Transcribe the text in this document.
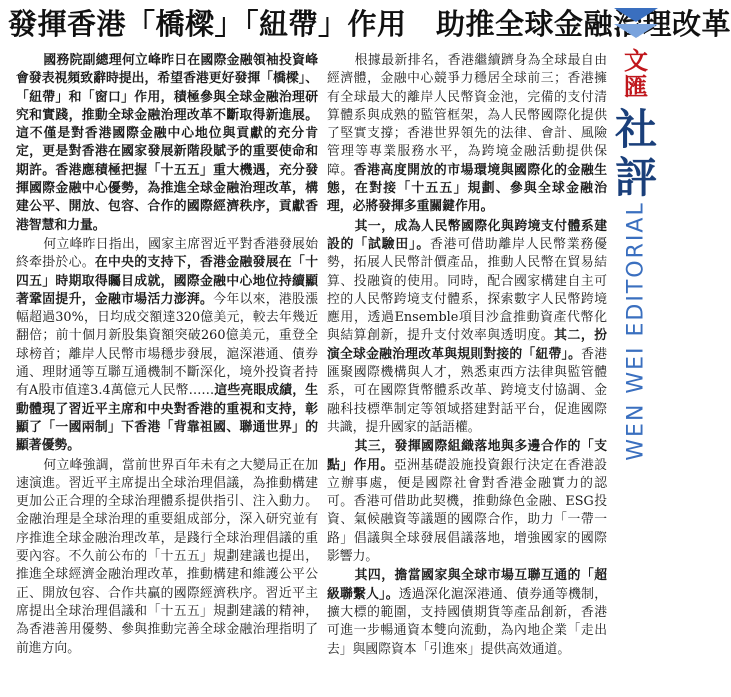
發揮香港「橋樑」「紐帶」作用　助推全球金融治理改革

國務院副總理何立峰昨日在國際金融領袖投資峰會發表視頻致辭時提出，希望香港更好發揮「橋樑」、「紐帶」和「窗口」作用，積極參與全球金融治理研究和實踐，推動全球金融治理改革不斷取得新進展。這不僅是對香港國際金融中心地位與貢獻的充分肯定，更是對香港在國家發展新階段賦予的重要使命和期許。香港應積極把握「十五五」重大機遇，充分發揮國際金融中心優勢，為推進全球金融治理改革，構建公平、開放、包容、合作的國際經濟秩序，貢獻香港智慧和力量。

何立峰昨日指出，國家主席習近平對香港發展始終牽掛於心。在中央的支持下，香港金融發展在「十四五」時期取得矚目成就，國際金融中心地位持續顯著鞏固提升，金融市場活力澎湃。今年以來，港股漲幅超過30%，日均成交額達320億美元，較去年幾近翻倍；前十個月新股集資額突破260億美元，重登全球榜首；離岸人民幣市場穩步發展，滬深港通、債券通、理財通等互聯互通機制不斷深化，境外投資者持有A股市值達3.4萬億元人民幣……這些亮眼成績，生動體現了習近平主席和中央對香港的重視和支持，彰顯了「一國兩制」下香港「背靠祖國、聯通世界」的顯著優勢。

何立峰強調，當前世界百年未有之大變局正在加速演進。習近平主席提出全球治理倡議，為推動構建更加公正合理的全球治理體系提供指引、注入動力。金融治理是全球治理的重要組成部分，深入研究並有序推進全球金融治理改革，是踐行全球治理倡議的重要內容。不久前公布的「十五五」規劃建議也提出，推進全球經濟金融治理改革，推動構建和維護公平公正、開放包容、合作共贏的國際經濟秩序。習近平主席提出全球治理倡議和「十五五」規劃建議的精神，為香港善用優勢、參與推動完善全球金融治理指明了前進方向。

根據最新排名，香港繼續躋身為全球最自由經濟體，金融中心競爭力穩居全球前三；香港擁有全球最大的離岸人民幣資金池，完備的支付清算體系與成熟的監管框架，為人民幣國際化提供了堅實支撐；香港世界領先的法律、會計、風險管理等專業服務水平，為跨境金融活動提供保障。香港高度開放的市場環境與國際化的金融生態，在對接「十五五」規劃、參與全球金融治理，必將發揮多重關鍵作用。

其一，成為人民幣國際化與跨境支付體系建設的「試驗田」。香港可借助離岸人民幣業務優勢，拓展人民幣計價產品，推動人民幣在貿易結算、投融資的使用。同時，配合國家構建自主可控的人民幣跨境支付體系，探索數字人民幣跨境應用，透過Ensemble項目沙盒推動資產代幣化與結算創新，提升支付效率與透明度。其二，扮演全球金融治理改革與規則對接的「紐帶」。香港匯聚國際機構與人才，熟悉東西方法律與監管體系，可在國際貨幣體系改革、跨境支付協調、金融科技標準制定等領域搭建對話平台，促進國際共識，提升國家的話語權。

其三，發揮國際組織落地與多邊合作的「支點」作用。亞洲基礎設施投資銀行決定在香港設立辦事處，便是國際社會對香港金融實力的認可。香港可借助此契機，推動綠色金融、ESG投資、氣候融資等議題的國際合作，助力「一帶一路」倡議與全球發展倡議落地，增強國家的國際影響力。

其四，擔當國家與全球市場互聯互通的「超級聯繫人」。透過深化滬深港通、債券通等機制，擴大標的範圍，支持國債期貨等產品創新，香港可進一步暢通資本雙向流動，為內地企業「走出去」與國際資本「引進來」提供高效通道。

文
匯
社
評
WEN WEI EDITORIAL
